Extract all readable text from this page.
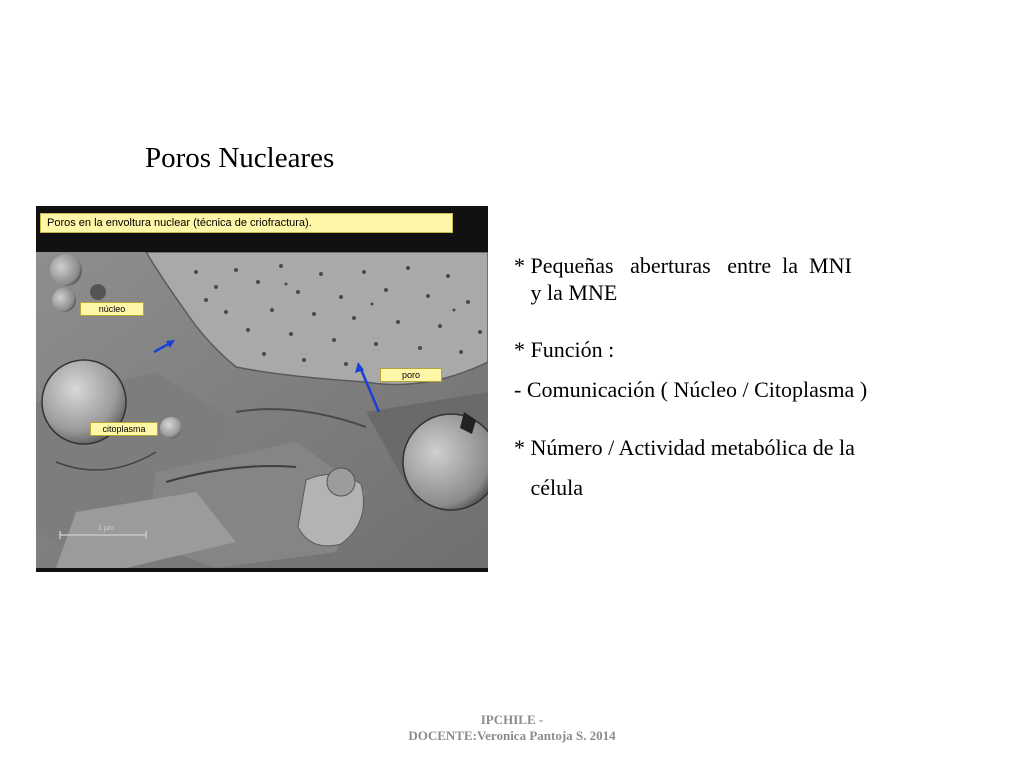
Poros Nucleares
Poros en la envoltura nuclear (técnica de criofractura).
1 µm
núcleo
poro
citoplasma

* Pequeñas   aberturas   entre  la  MNI

y la MNE

* Función :

- Comunicación ( Núcleo / Citoplasma )

* Número / Actividad metabólica de la

célula

IPCHILE -
DOCENTE:Veronica Pantoja S. 2014
